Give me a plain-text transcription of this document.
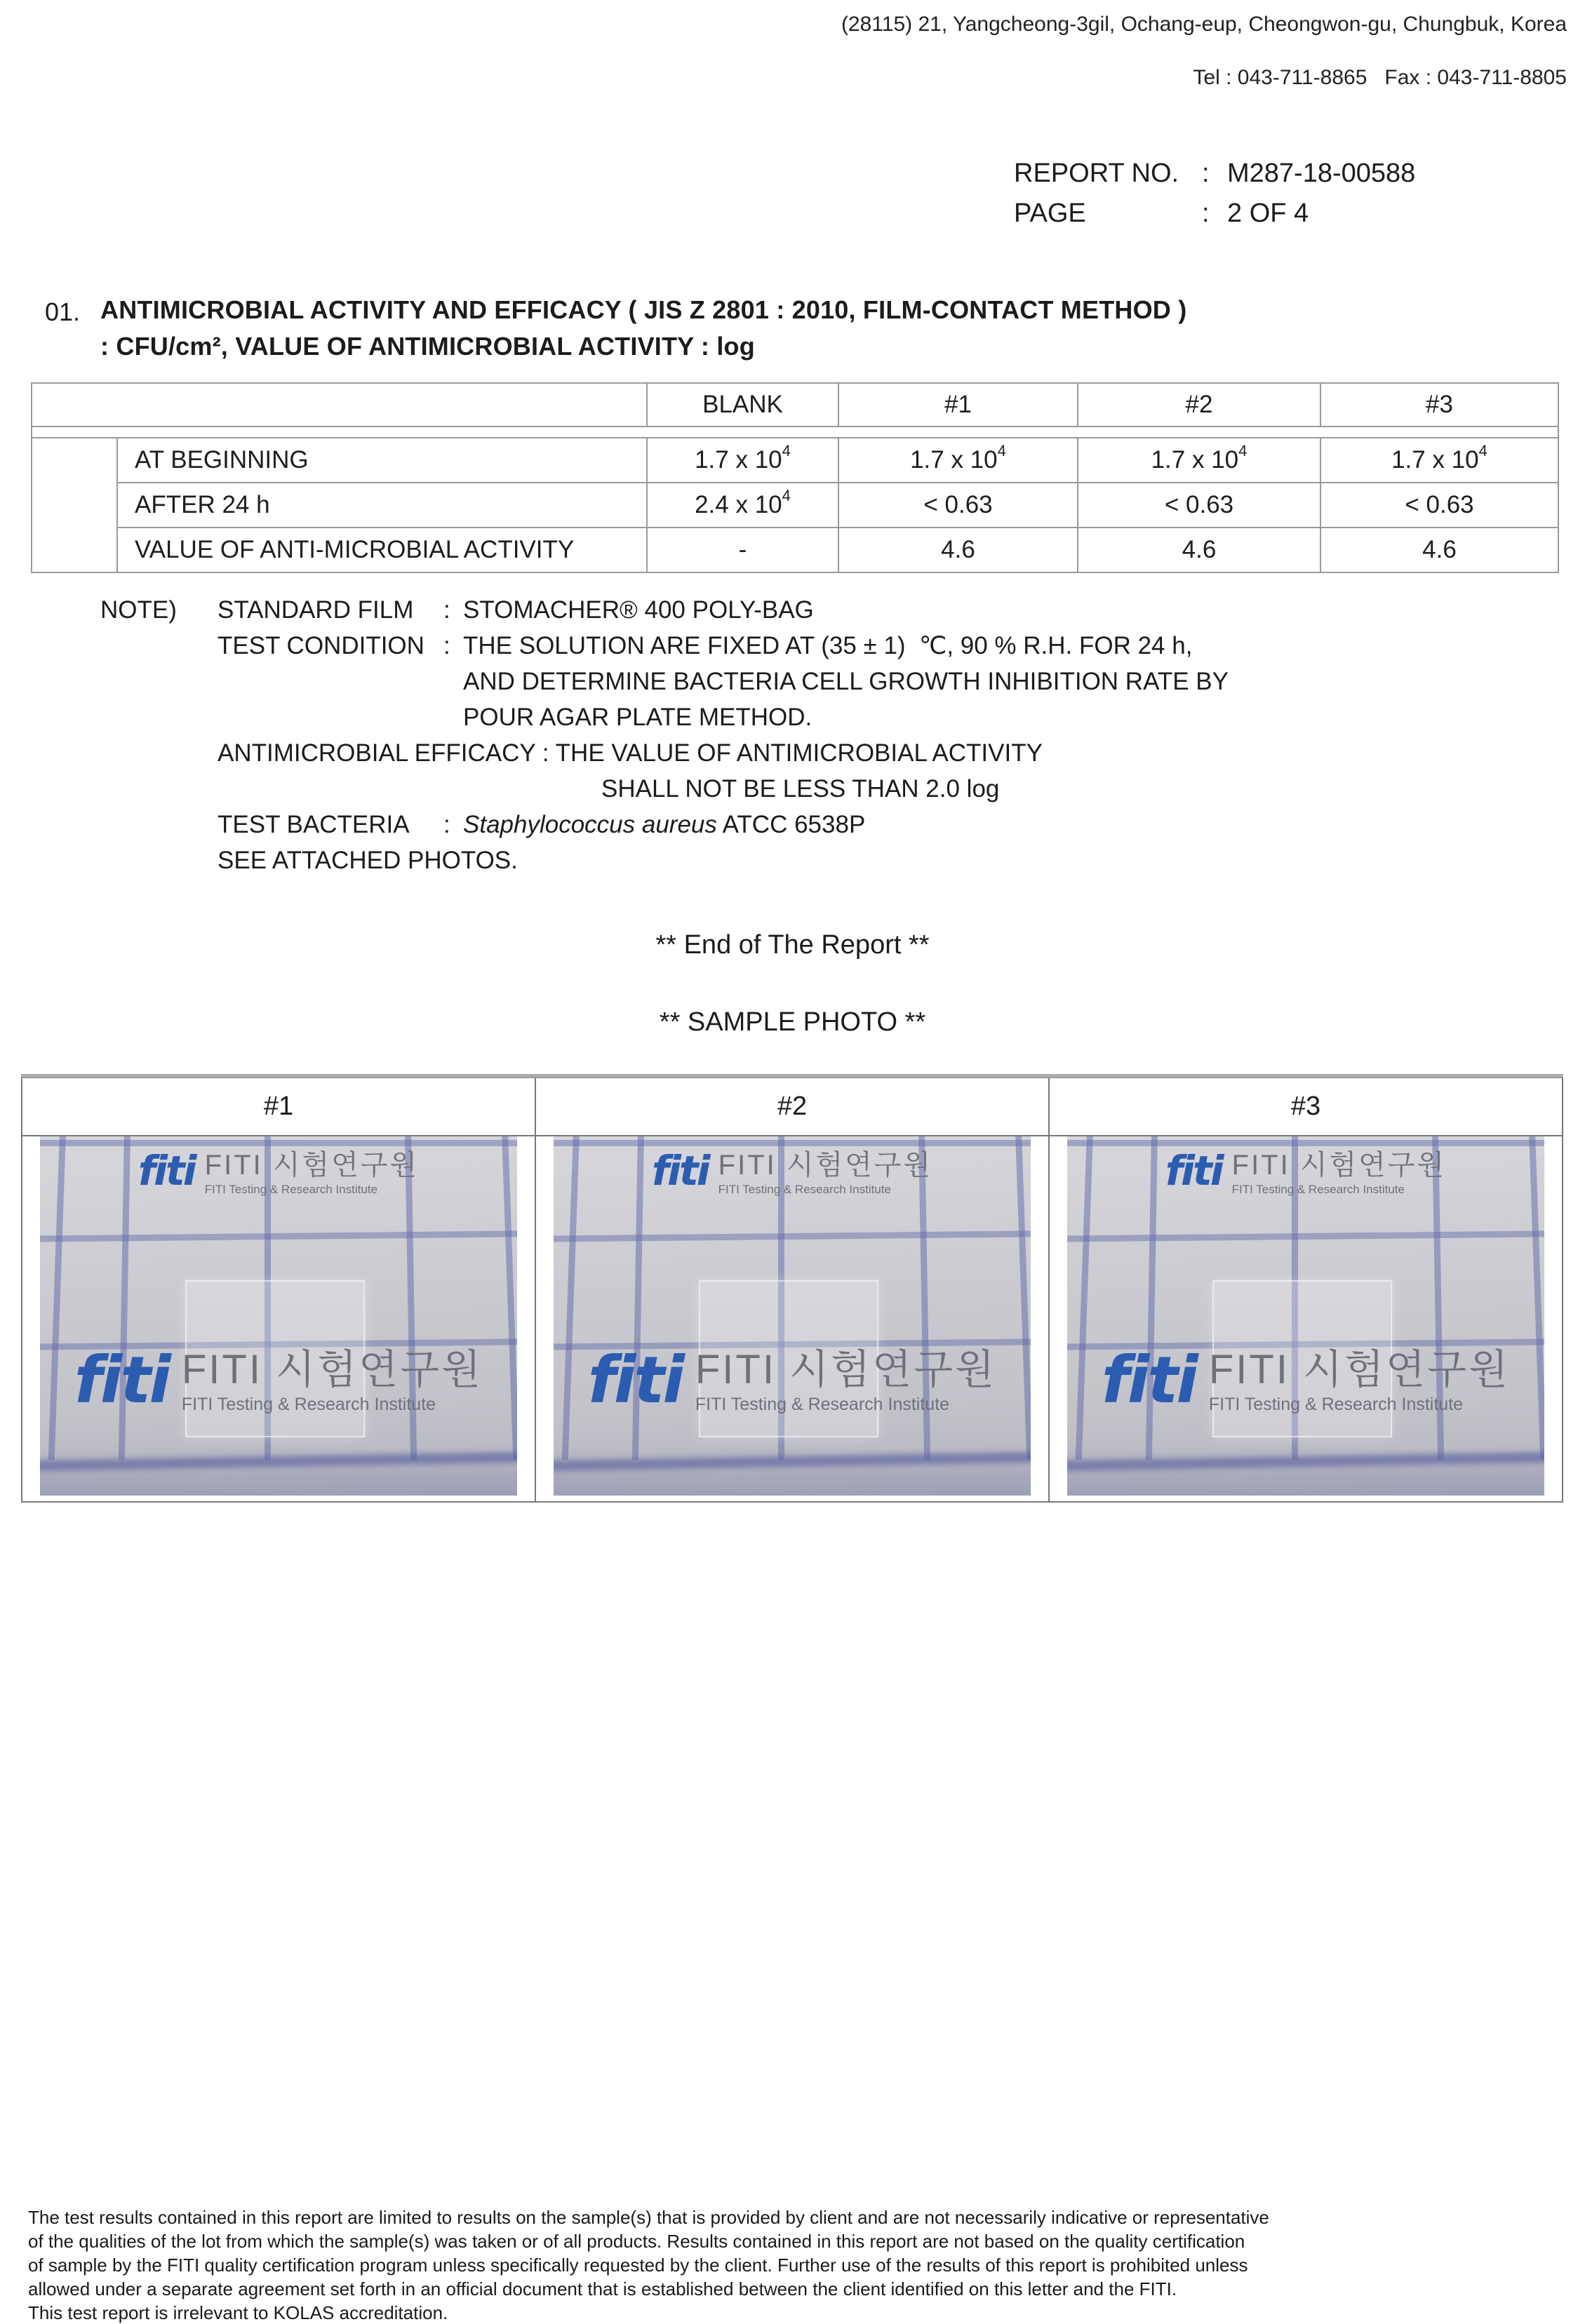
(28115) 21, Yangcheong-3gil, Ochang-eup, Cheongwon-gu, Chungbuk, Korea
Tel : 043-711-8865   Fax : 043-711-8805
REPORT NO. : M287-18-00588
PAGE	: 2 OF 4
01. ANTIMICROBIAL ACTIVITY AND EFFICACY ( JIS Z 2801 : 2010, FILM-CONTACT METHOD )
: CFU/cm², VALUE OF ANTIMICROBIAL ACTIVITY : log
		BLANK	#1	#2	#3

	AT BEGINNING	1.7 x $10^4$	1.7 x $10^4$	1.7 x $10^4$	1.7 x $10^4$
	AFTER 24 h	2.4 x $10^4$	< 0.63	< 0.63	< 0.63
	VALUE OF ANTI-MICROBIAL ACTIVITY	-	4.6	4.6	4.6
NOTE) STANDARD FILM	: STOMACHER® 400 POLY-BAG
TEST CONDITION : THE SOLUTION ARE FIXED AT (35 ± 1)  ℃, 90 % R.H. FOR 24 h,
AND DETERMINE BACTERIA CELL GROWTH INHIBITION RATE BY
POUR AGAR PLATE METHOD.
ANTIMICROBIAL EFFICACY : THE VALUE OF ANTIMICROBIAL ACTIVITY
SHALL NOT BE LESS THAN 2.0 log
TEST BACTERIA	: Staphylococcus aureus ATCC 6538P
SEE ATTACHED PHOTOS.
** End of The Report **
** SAMPLE PHOTO **
#1	#2	#3
fiti FITI 시험연구원
FITI Testing & Research Institute
fiti FITI 시험연구원
FITI Testing & Research Institute
fiti FITI 시험연구원
FITI Testing & Research Institute
fiti FITI 시험연구원
FITI Testing & Research Institute
fiti FITI 시험연구원
FITI Testing & Research Institute
fiti FITI 시험연구원
FITI Testing & Research Institute
The test results contained in this report are limited to results on the sample(s) that is provided by client and are not necessarily indicative or representative
of the qualities of the lot from which the sample(s) was taken or of all products. Results contained in this report are not based on the quality certification
of sample by the FITI quality certification program unless specifically requested by the client. Further use of the results of this report is prohibited unless
allowed under a separate agreement set forth in an official document that is established between the client identified on this letter and the FITI.
This test report is irrelevant to KOLAS accreditation.
